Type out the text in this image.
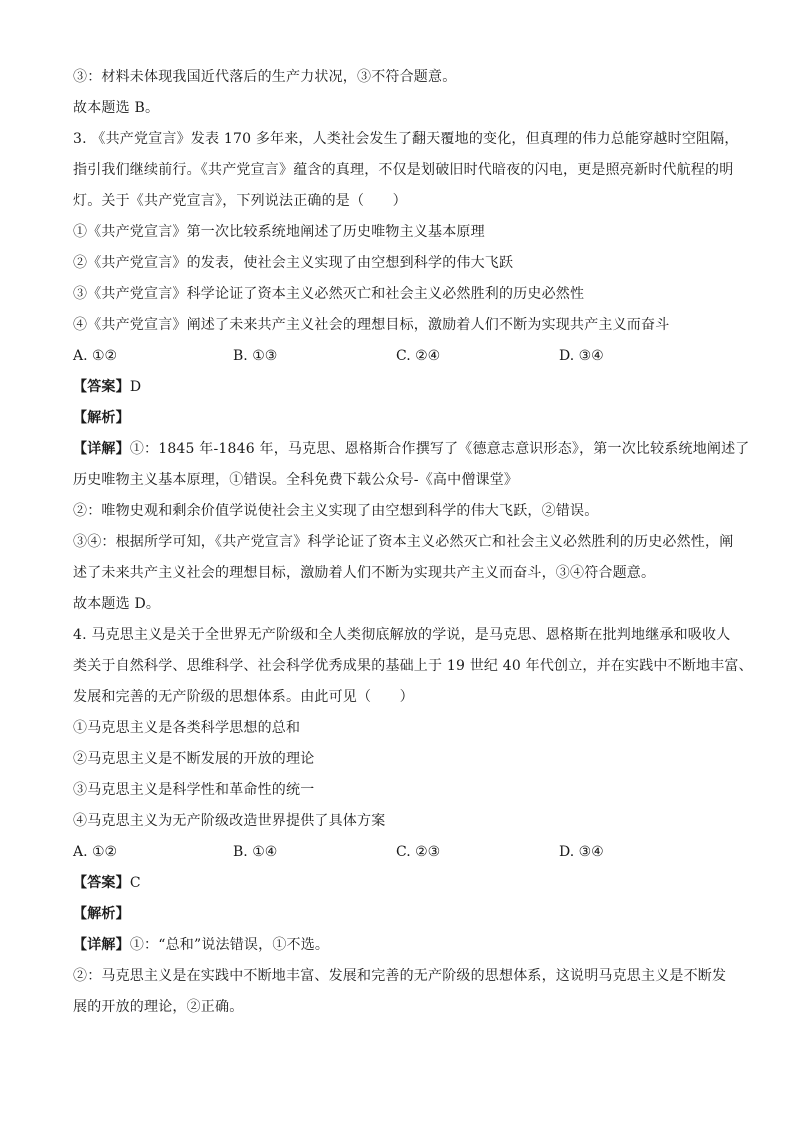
③：材料未体现我国近代落后的生产力状况，③不符合题意。
故本题选 B。
3. 《共产党宣言》发表 170 多年来，人类社会发生了翻天覆地的变化，但真理的伟力总能穿越时空阻隔，
指引我们继续前行。《共产党宣言》蕴含的真理，不仅是划破旧时代暗夜的闪电，更是照亮新时代航程的明
灯。关于《共产党宣言》，下列说法正确的是（　　）
①《共产党宣言》第一次比较系统地阐述了历史唯物主义基本原理
②《共产党宣言》的发表，使社会主义实现了由空想到科学的伟大飞跃
③《共产党宣言》科学论证了资本主义必然灭亡和社会主义必然胜利的历史必然性
④《共产党宣言》阐述了未来共产主义社会的理想目标，激励着人们不断为实现共产主义而奋斗
A. ①②	B. ①③	C. ②④	D. ③④
【答案】D
【解析】
【详解】①：1845 年-1846 年，马克思、恩格斯合作撰写了《德意志意识形态》，第一次比较系统地阐述了
历史唯物主义基本原理，①错误。全科免费下载公众号-《高中僧课堂》
②：唯物史观和剩余价值学说使社会主义实现了由空想到科学的伟大飞跃，②错误。
③④：根据所学可知，《共产党宣言》科学论证了资本主义必然灭亡和社会主义必然胜利的历史必然性，阐
述了未来共产主义社会的理想目标，激励着人们不断为实现共产主义而奋斗，③④符合题意。
故本题选 D。
4. 马克思主义是关于全世界无产阶级和全人类彻底解放的学说，是马克思、恩格斯在批判地继承和吸收人
类关于自然科学、思维科学、社会科学优秀成果的基础上于 19 世纪 40 年代创立，并在实践中不断地丰富、
发展和完善的无产阶级的思想体系。由此可见（　　）
①马克思主义是各类科学思想的总和
②马克思主义是不断发展的开放的理论
③马克思主义是科学性和革命性的统一
④马克思主义为无产阶级改造世界提供了具体方案
A. ①②	B. ①④	C. ②③	D. ③④
【答案】C
【解析】
【详解】①：“总和”说法错误，①不选。
②：马克思主义是在实践中不断地丰富、发展和完善的无产阶级的思想体系，这说明马克思主义是不断发
展的开放的理论，②正确。
